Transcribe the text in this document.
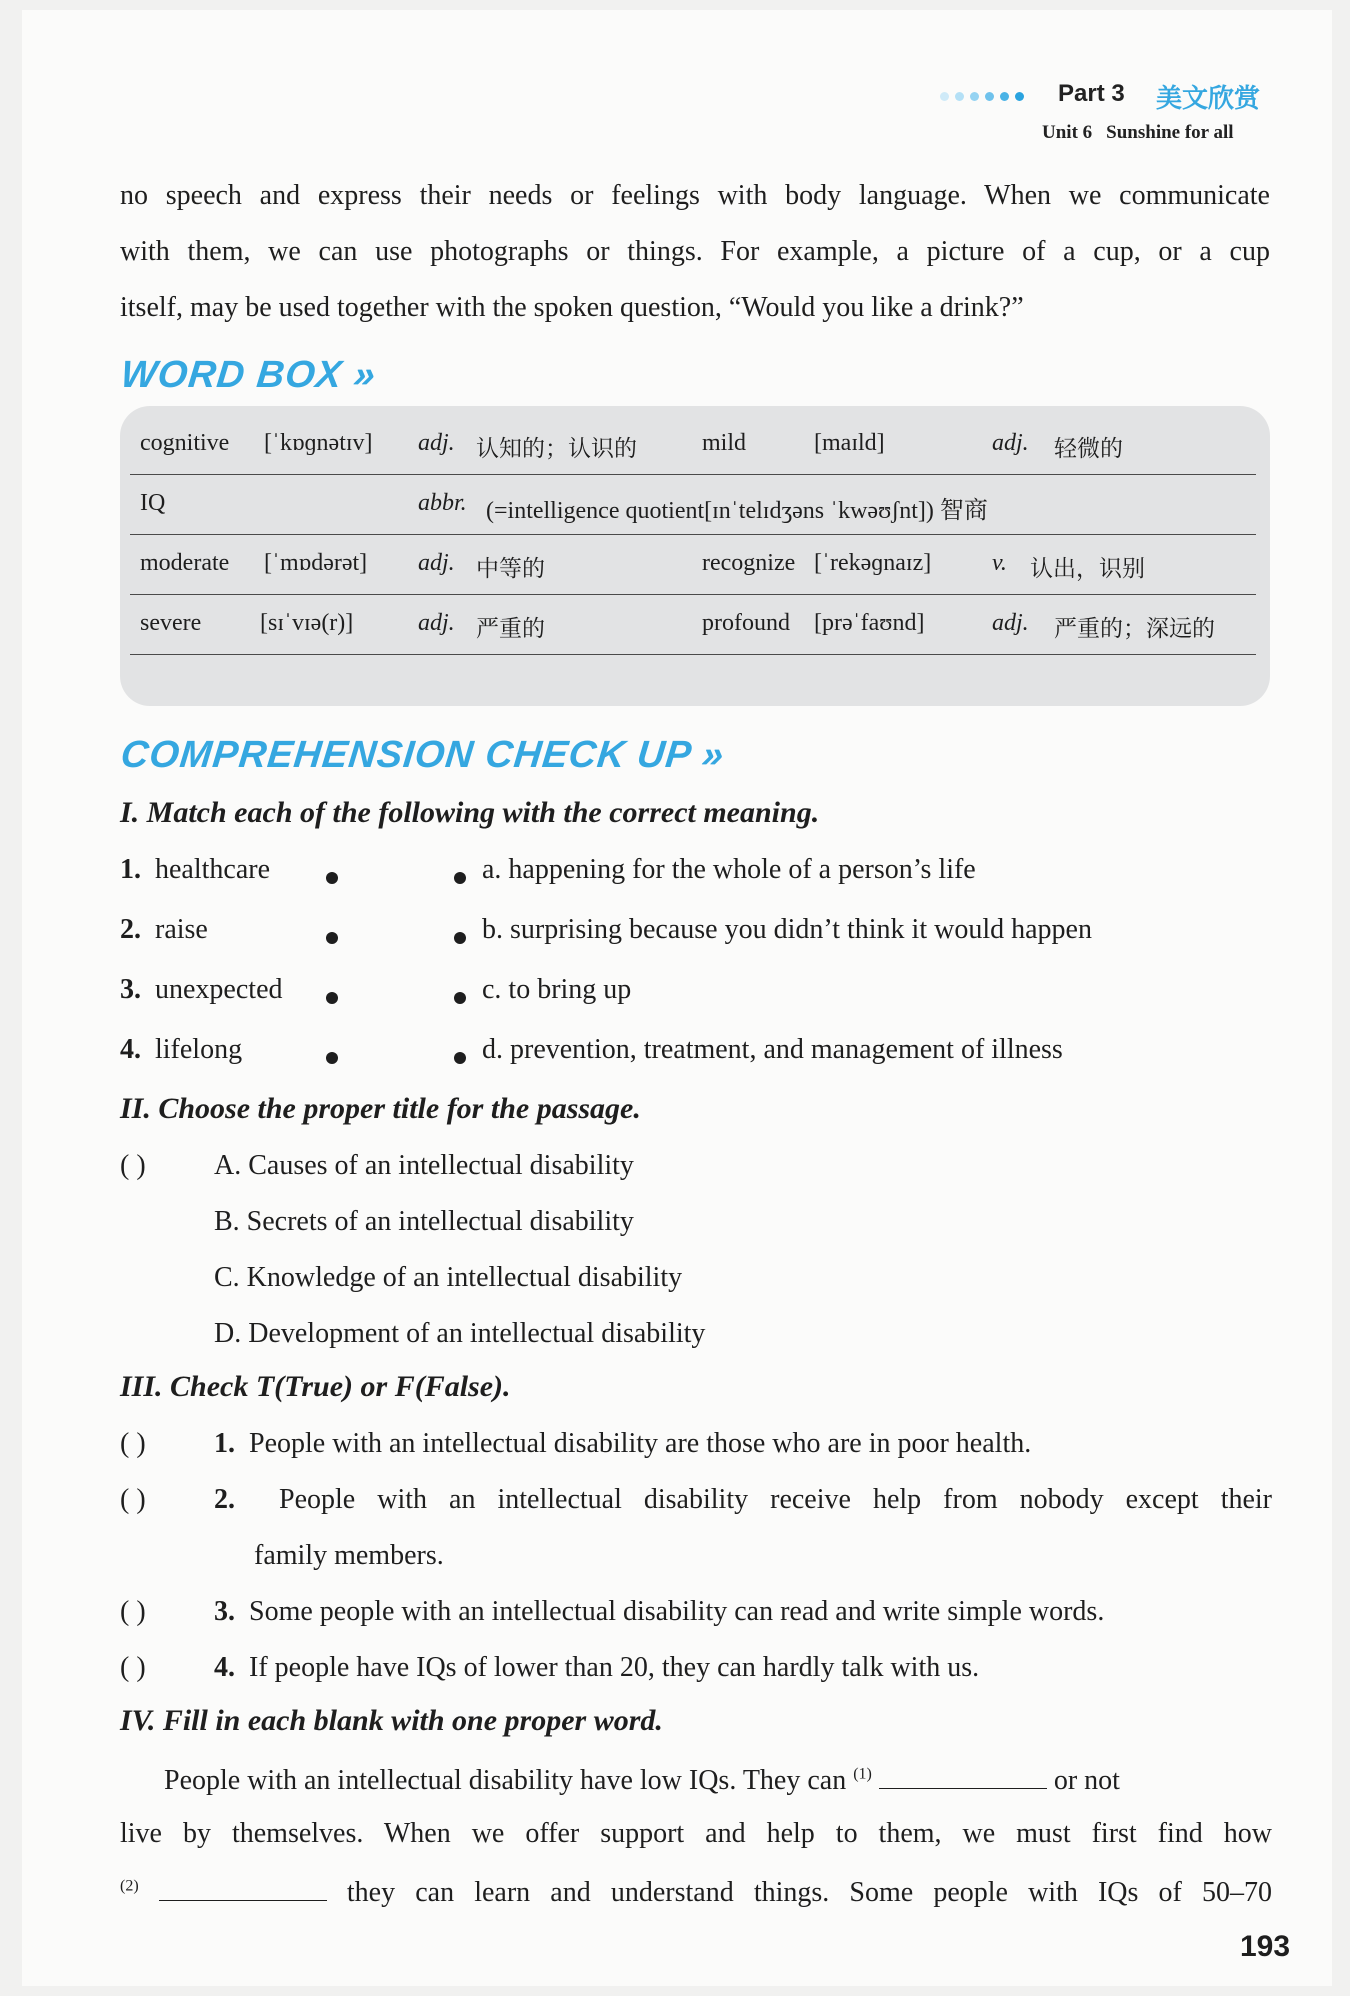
Part 3 美文欣赏
Unit 6 Sunshine for all
no speech and express their needs or feelings with body language. When we communicate
with them, we can use photographs or things. For example, a picture of a cup, or a cup
itself, may be used together with the spoken question, “Would you like a drink?”
WORD BOX »
cognitive [ˈkɒɡnətɪv] adj. 认知的；认识的	mild	[maɪld]	adj. 轻微的
IQ	abbr. (=intelligence quotient[ɪnˈtelɪdʒəns ˈkwəʊʃnt]) 智商
moderate [ˈmɒdərət] adj. 中等的	recognize [ˈrekəɡnaɪz]	v. 认出，识别
severe [sɪˈvɪə(r)]	adj. 严重的	profound [prəˈfaʊnd]	adj. 严重的；深远的
COMPREHENSION CHECK UP »
I. Match each of the following with the correct meaning.
1. healthcare
2. raise
3. unexpected
4. lifelong
a. happening for the whole of a person’s life
b. surprising because you didn’t think it would happen
c. to bring up
d. prevention, treatment, and management of illness
II. Choose the proper title for the passage.
( ) A. Causes of an intellectual disability
B. Secrets of an intellectual disability
C. Knowledge of an intellectual disability
D. Development of an intellectual disability
III. Check T(True) or F(False).
( ) 1. People with an intellectual disability are those who are in poor health.
( ) 2. People with an intellectual disability receive help from nobody except their
family members.
( ) 3. Some people with an intellectual disability can read and write simple words.
( ) 4. If people have IQs of lower than 20, they can hardly talk with us.
IV. Fill in each blank with one proper word.
People with an intellectual disability have low IQs. They can $^{(1)}$	or not
live by themselves. When we offer support and help to them, we must first find how
$^{(2)}$	they can learn and understand things. Some people with IQs of 50–70
193
